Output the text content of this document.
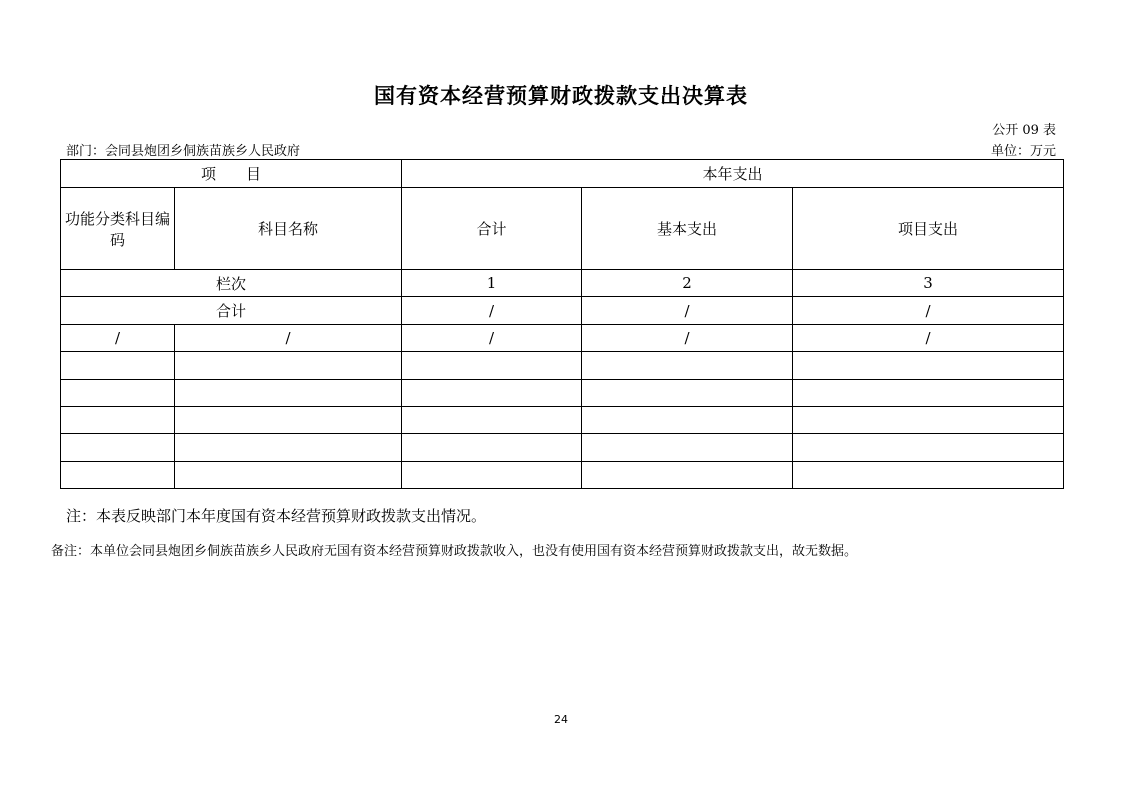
国有资本经营预算财政拨款支出决算表
公开 09 表
部门：会同县炮团乡侗族苗族乡人民政府	单位：万元
项　　目		本年支出		
功能分类科目编码	科目名称	合计	基本支出	项目支出
栏次		1	2	3
合计		/	/	/
/	/	/	/	/

注：本表反映部门本年度国有资本经营预算财政拨款支出情况。
备注：本单位会同县炮团乡侗族苗族乡人民政府无国有资本经营预算财政拨款收入，也没有使用国有资本经营预算财政拨款支出，故无数据。
24
